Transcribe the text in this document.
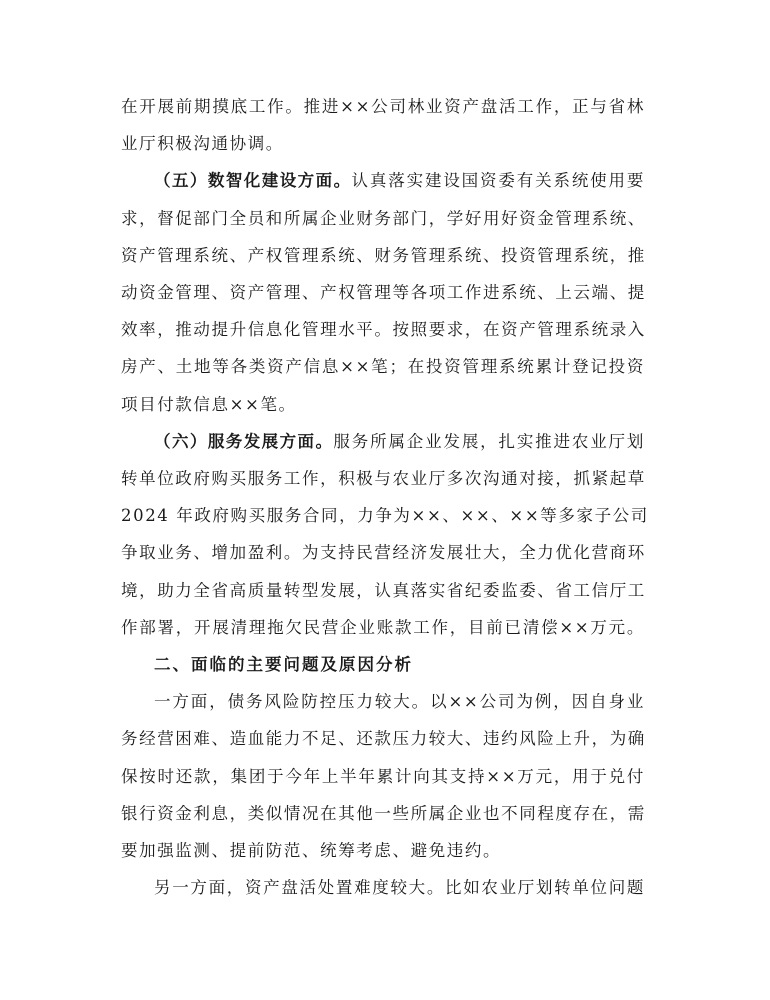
在开展前期摸底工作。推进××公司林业资产盘活工作，正与省林
业厅积极沟通协调。

（五）数智化建设方面。认真落实建设国资委有关系统使用要
求，督促部门全员和所属企业财务部门，学好用好资金管理系统、
资产管理系统、产权管理系统、财务管理系统、投资管理系统，推
动资金管理、资产管理、产权管理等各项工作进系统、上云端、提
效率，推动提升信息化管理水平。按照要求，在资产管理系统录入
房产、土地等各类资产信息××笔；在投资管理系统累计登记投资
项目付款信息××笔。

（六）服务发展方面。服务所属企业发展，扎实推进农业厅划
转单位政府购买服务工作，积极与农业厅多次沟通对接，抓紧起草
2024 年政府购买服务合同，力争为××、××、××等多家子公司
争取业务、增加盈利。为支持民营经济发展壮大，全力优化营商环
境，助力全省高质量转型发展，认真落实省纪委监委、省工信厅工
作部署，开展清理拖欠民营企业账款工作，目前已清偿××万元。

二、面临的主要问题及原因分析

一方面，债务风险防控压力较大。以××公司为例，因自身业
务经营困难、造血能力不足、还款压力较大、违约风险上升，为确
保按时还款，集团于今年上半年累计向其支持××万元，用于兑付
银行资金利息，类似情况在其他一些所属企业也不同程度存在，需
要加强监测、提前防范、统筹考虑、避免违约。

另一方面，资产盘活处置难度较大。比如农业厅划转单位问题
